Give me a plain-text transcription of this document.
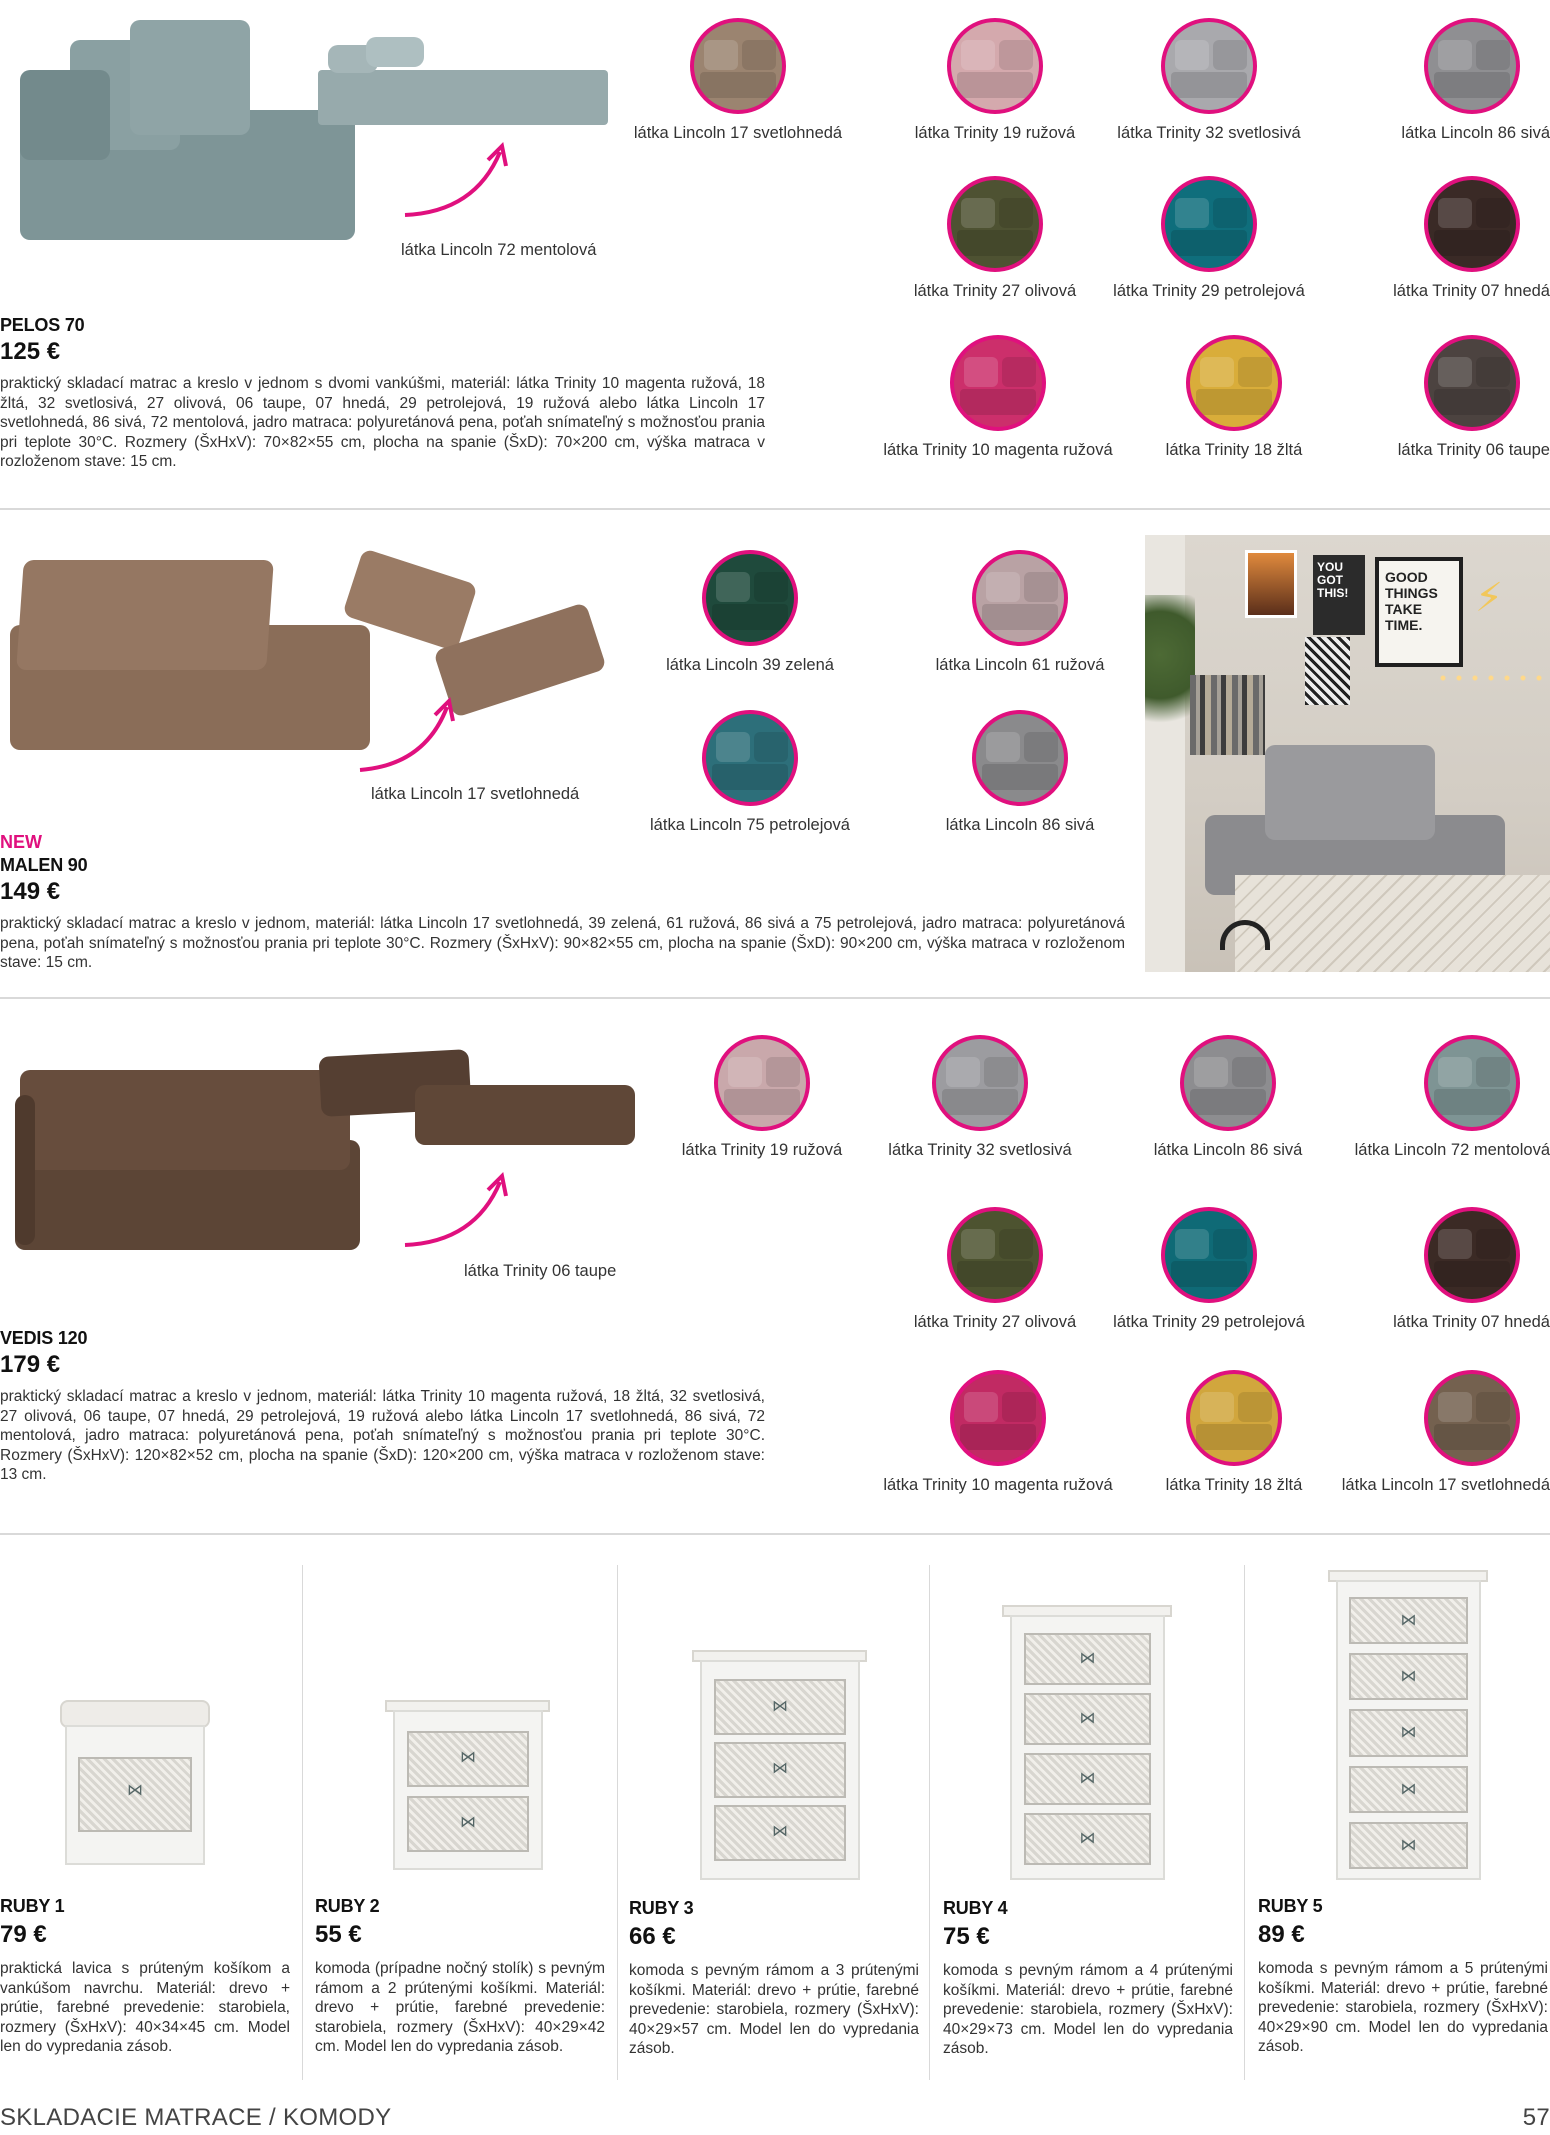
látka Lincoln 72 mentolová
PELOS 70
125 €
praktický skladací matrac a kreslo v jednom s dvomi vankúšmi, materiál: látka Trinity 10 magenta ružová, 18 žltá, 32 svetlosivá, 27 olivová, 06 taupe, 07 hnedá, 29 petrolejová, 19 ružová alebo látka Lincoln 17 svetlohnedá, 86 sivá, 72 mentolová, jadro matraca: polyuretánová pena, poťah snímateľný s možnosťou prania pri teplote 30°C. Rozmery (ŠxHxV): 70×82×55 cm, plocha na spanie (ŠxD): 70×200 cm, výška matraca v rozloženom stave: 15 cm.
látka Lincoln 17 svetlohnedá	látka Trinity 19 ružová	látka Trinity 32 svetlosivá	látka Lincoln 86 sivá
látka Trinity 27 olivová	látka Trinity 29 petrolejová	látka Trinity 07 hnedá
látka Trinity 10 magenta ružová	látka Trinity 18 žltá	látka Trinity 06 taupe
látka Lincoln 17 svetlohnedá
látka Lincoln 39 zelená	látka Lincoln 61 ružová
látka Lincoln 75 petrolejová	látka Lincoln 86 sivá
YOU GOT THIS!
GOOD THINGS TAKE TIME.
⚡
NEW
MALEN 90
149 €
praktický skladací matrac a kreslo v jednom, materiál: látka Lincoln 17 svetlohnedá, 39 zelená, 61 ružová, 86 sivá a 75 petrolejová, jadro matraca: polyuretánová pena, poťah snímateľný s možnosťou prania pri teplote 30°C. Rozmery (ŠxHxV): 90×82×55 cm, plocha na spanie (ŠxD): 90×200 cm, výška matraca v rozloženom stave: 15 cm.
látka Trinity 06 taupe
VEDIS 120
179 €
praktický skladací matrac a kreslo v jednom, materiál: látka Trinity 10 magenta ružová, 18 žltá, 32 svetlosivá, 27 olivová, 06 taupe, 07 hnedá, 29 petrolejová, 19 ružová alebo látka Lincoln 17 svetlohnedá, 86 sivá, 72 mentolová, jadro matraca: polyuretánová pena, poťah snímateľný s možnosťou prania pri teplote 30°C. Rozmery (ŠxHxV): 120×82×52 cm, plocha na spanie (ŠxD): 120×200 cm, výška matraca v rozloženom stave: 13 cm.
látka Trinity 19 ružová	látka Trinity 32 svetlosivá	látka Lincoln 86 sivá	látka Lincoln 72 mentolová
látka Trinity 27 olivová	látka Trinity 29 petrolejová	látka Trinity 07 hnedá
látka Trinity 10 magenta ružová	látka Trinity 18 žltá	látka Lincoln 17 svetlohnedá
⋈
⋈
⋈
⋈
⋈
⋈
⋈
⋈
⋈
⋈
⋈
⋈
⋈
⋈
⋈
RUBY 1
79 €
praktická lavica s prúteným košíkom a vankúšom navrchu. Materiál: drevo + prútie, farebné prevedenie: starobiela, rozmery (ŠxHxV): 40×34×45 cm. Model len do vypredania zásob.
RUBY 2
55 €
komoda (prípadne nočný stolík) s pevným rámom a 2 prútenými košíkmi. Materiál: drevo + prútie, farebné prevedenie: starobiela, rozmery (ŠxHxV): 40×29×42 cm. Model len do vypredania zásob.
RUBY 3
66 €
komoda s pevným rámom a 3 prútenými košíkmi. Materiál: drevo + prútie, farebné prevedenie: starobiela, rozmery (ŠxHxV): 40×29×57 cm. Model len do vypredania zásob.
RUBY 4
75 €
komoda s pevným rámom a 4 prútenými košíkmi. Materiál: drevo + prútie, farebné prevedenie: starobiela, rozmery (ŠxHxV): 40×29×73 cm. Model len do vypredania zásob.
RUBY 5
89 €
komoda s pevným rámom a 5 prútenými košíkmi. Materiál: drevo + prútie, farebné prevedenie: starobiela, rozmery (ŠxHxV): 40×29×90 cm. Model len do vypredania zásob.
SKLADACIE MATRACE / KOMODY	57
